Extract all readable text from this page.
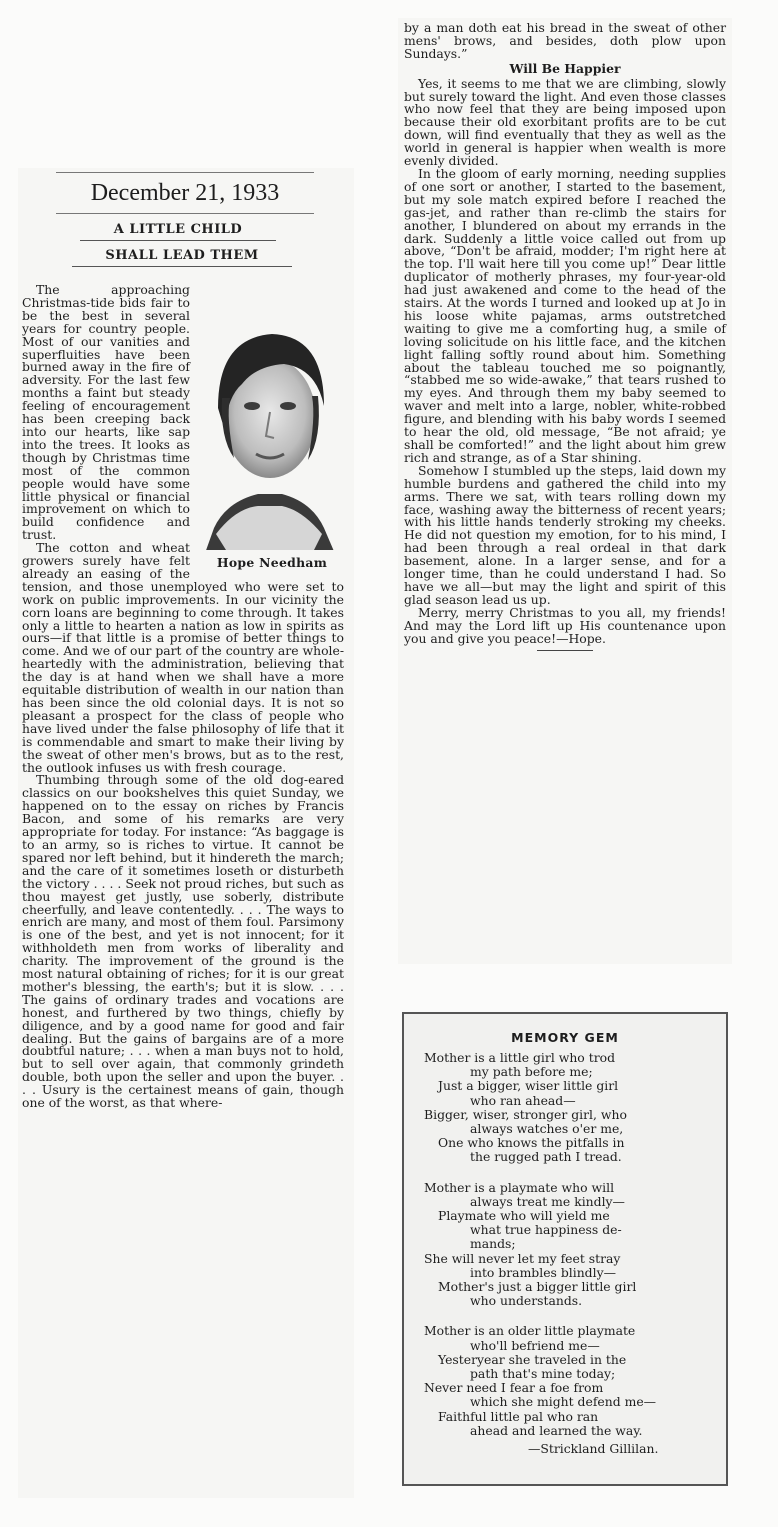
December 21, 1933
A LITTLE CHILD
SHALL LEAD THEM
Hope Needham

The approaching Christmas-tide bids fair to be the best in several years for country people. Most of our vanities and superfluities have been burned away in the fire of adversity. For the last few months a faint but steady feeling of encouragement has been creeping back into our hearts, like sap into the trees. It looks as though by Christmas time most of the common people would have some little physical or financial improvement on which to build confidence and trust.

The cotton and wheat growers surely have felt already an easing of the tension, and those unemployed who were set to work on public improvements. In our vicinity the corn loans are beginning to come through. It takes only a little to hearten a nation as low in spirits as ours—if that little is a promise of better things to come. And we of our part of the country are whole-heartedly with the administration, believing that the day is at hand when we shall have a more equitable distribution of wealth in our nation than has been since the old colonial days. It is not so pleasant a prospect for the class of people who have lived under the false philosophy of life that it is commendable and smart to make their living by the sweat of other men's brows, but as to the rest, the outlook infuses us with fresh courage.

Thumbing through some of the old dog-eared classics on our bookshelves this quiet Sunday, we happened on to the essay on riches by Francis Bacon, and some of his remarks are very appropriate for today. For instance: “As baggage is to an army, so is riches to virtue. It cannot be spared nor left behind, but it hindereth the march; and the care of it sometimes loseth or disturbeth the victory . . . . Seek not proud riches, but such as thou mayest get justly, use soberly, distribute cheerfully, and leave contentedly. . . . The ways to enrich are many, and most of them foul. Parsimony is one of the best, and yet is not innocent; for it withholdeth men from works of liberality and charity. The improvement of the ground is the most natural obtaining of riches; for it is our great mother's blessing, the earth's; but it is slow. . . . The gains of ordinary trades and vocations are honest, and furthered by two things, chiefly by diligence, and by a good name for good and fair dealing. But the gains of bargains are of a more doubtful nature; . . . when a man buys not to hold, but to sell over again, that commonly grindeth double, both upon the seller and upon the buyer. . . . Usury is the certainest means of gain, though one of the worst, as that where-

by a man doth eat his bread in the sweat of other mens' brows, and besides, doth plow upon Sundays.”

Will Be Happier

Yes, it seems to me that we are climbing, slowly but surely toward the light. And even those classes who now feel that they are being imposed upon because their old exorbitant profits are to be cut down, will find eventually that they as well as the world in general is happier when wealth is more evenly divided.

In the gloom of early morning, needing supplies of one sort or another, I started to the basement, but my sole match expired before I reached the gas-jet, and rather than re-climb the stairs for another, I blundered on about my errands in the dark. Suddenly a little voice called out from up above, “Don't be afraid, modder; I'm right here at the top. I'll wait here till you come up!” Dear little duplicator of motherly phrases, my four-year-old had just awakened and come to the head of the stairs. At the words I turned and looked up at Jo in his loose white pajamas, arms outstretched waiting to give me a comforting hug, a smile of loving solicitude on his little face, and the kitchen light falling softly round about him. Something about the tableau touched me so poignantly, “stabbed me so wide-awake,” that tears rushed to my eyes. And through them my baby seemed to waver and melt into a large, nobler, white-robbed figure, and blending with his baby words I seemed to hear the old, old message, “Be not afraid; ye shall be comforted!” and the light about him grew rich and strange, as of a Star shining.

Somehow I stumbled up the steps, laid down my humble burdens and gathered the child into my arms. There we sat, with tears rolling down my face, washing away the bitterness of recent years; with his little hands tenderly stroking my cheeks. He did not question my emotion, for to his mind, I had been through a real ordeal in that dark basement, alone. In a larger sense, and for a longer time, than he could understand I had. So have we all—but may the light and spirit of this glad season lead us up.

Merry, merry Christmas to you all, my friends! And may the Lord lift up His countenance upon you and give you peace!—Hope.

MEMORY GEM
Mother is a little girl who trod
my path before me;
Just a bigger, wiser little girl
who ran ahead—
Bigger, wiser, stronger girl, who
always watches o'er me,
One who knows the pitfalls in
the rugged path I tread.
Mother is a playmate who will
always treat me kindly—
Playmate who will yield me
what true happiness de-
mands;
She will never let my feet stray
into brambles blindly—
Mother's just a bigger little girl
who understands.
Mother is an older little playmate
who'll befriend me—
Yesteryear she traveled in the
path that's mine today;
Never need I fear a foe from
which she might defend me—
Faithful little pal who ran
ahead and learned the way.
—Strickland Gillilan.
